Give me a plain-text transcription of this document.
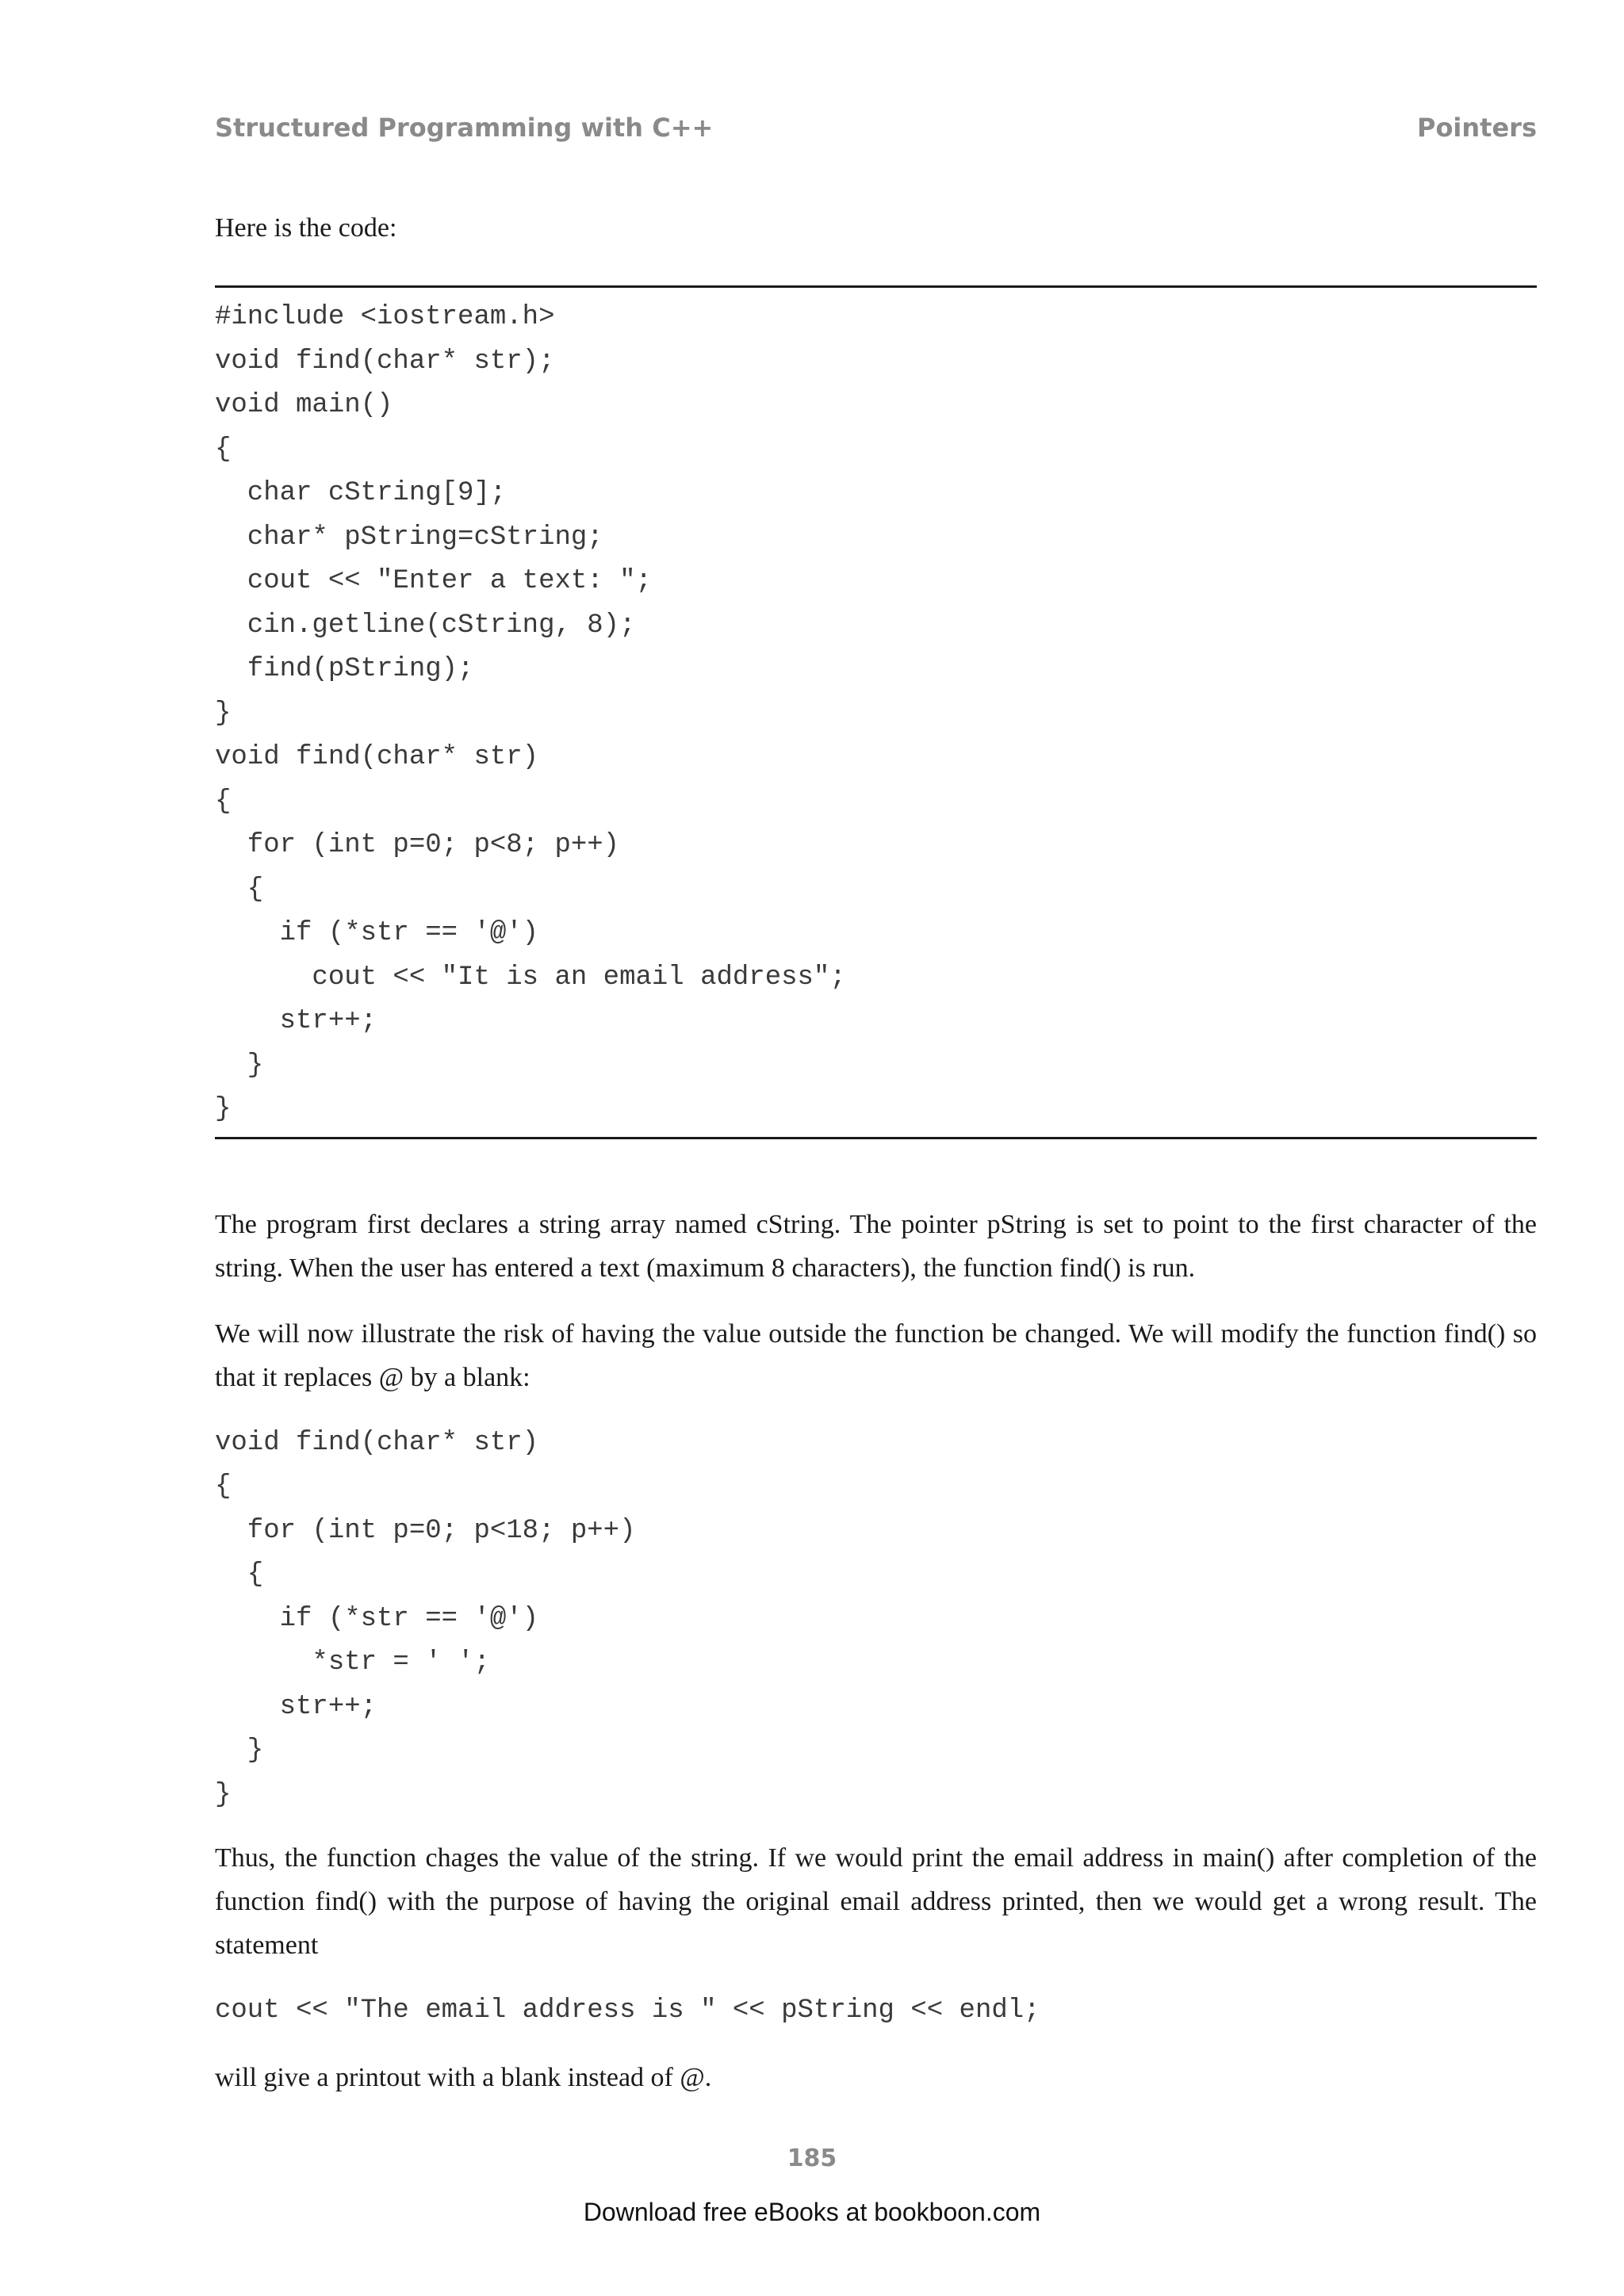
Structured Programming with C++	Pointers

Here is the code:

#include <iostream.h>
void find(char* str);
void main()
{
char cString[9];
char* pString=cString;
cout << "Enter a text: ";
cin.getline(cString, 8);
find(pString);
}
void find(char* str)
{
for (int p=0; p<8; p++)
{
if (*str == '@')
cout << "It is an email address";
str++;
}
}

The program first declares a string array named cString. The pointer pString is set to point to the first character of the string. When the user has entered a text (maximum 8 characters), the function find() is run.

We will now illustrate the risk of having the value outside the function be changed. We will modify the function find() so that it replaces @ by a blank:

void find(char* str)
{
for (int p=0; p<18; p++)
{
if (*str == '@')
*str = ' ';
str++;
}
}

Thus, the function chages the value of the string. If we would print the email address in main() after completion of the function find() with the purpose of having the original email address printed, then we would get a wrong result. The statement

cout << "The email address is " << pString << endl;

will give a printout with a blank instead of @.

185
Download free eBooks at bookboon.com
